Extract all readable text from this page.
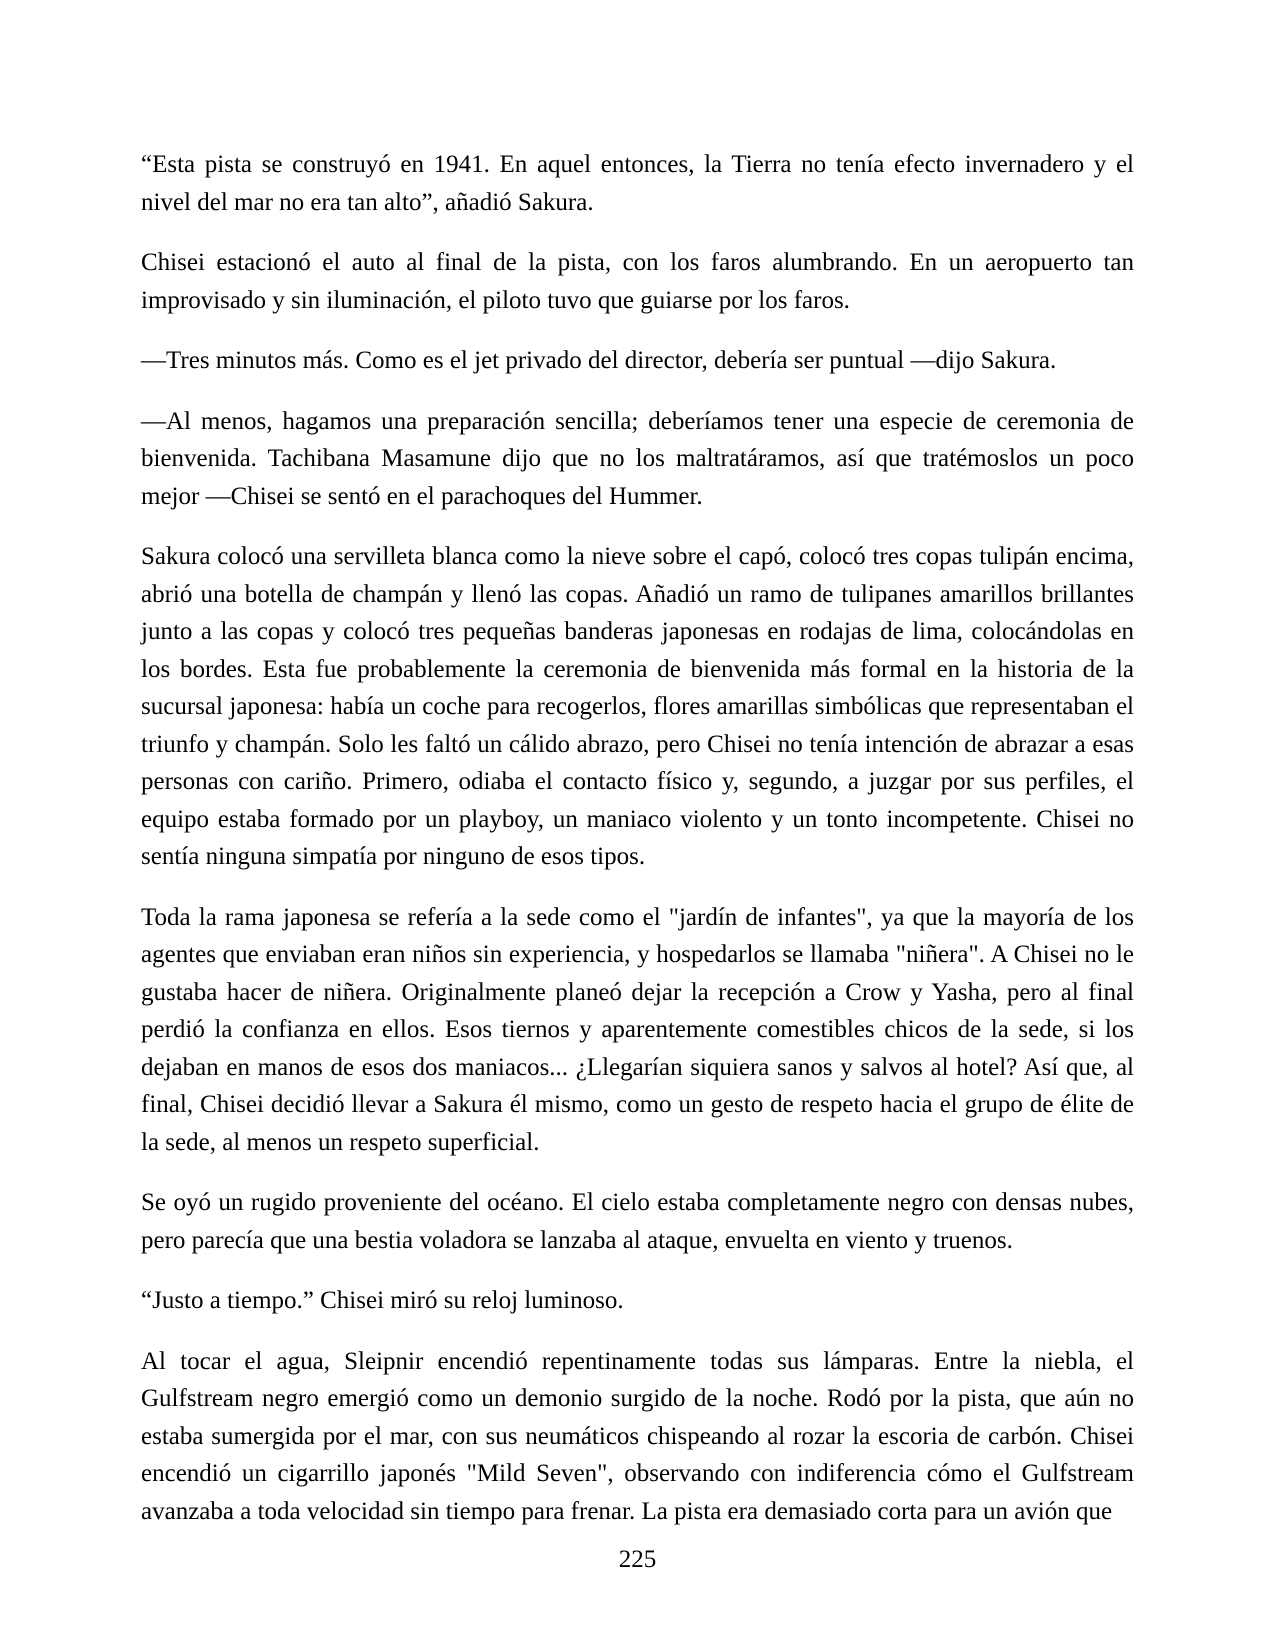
“Esta pista se construyó en 1941. En aquel entonces, la Tierra no tenía efecto invernadero y el nivel del mar no era tan alto”, añadió Sakura.

Chisei estacionó el auto al final de la pista, con los faros alumbrando. En un aeropuerto tan improvisado y sin iluminación, el piloto tuvo que guiarse por los faros.

—Tres minutos más. Como es el jet privado del director, debería ser puntual —dijo Sakura.

—Al menos, hagamos una preparación sencilla; deberíamos tener una especie de ceremonia de bienvenida. Tachibana Masamune dijo que no los maltratáramos, así que tratémoslos un poco mejor —Chisei se sentó en el parachoques del Hummer.

Sakura colocó una servilleta blanca como la nieve sobre el capó, colocó tres copas tulipán encima, abrió una botella de champán y llenó las copas. Añadió un ramo de tulipanes amarillos brillantes junto a las copas y colocó tres pequeñas banderas japonesas en rodajas de lima, colocándolas en los bordes. Esta fue probablemente la ceremonia de bienvenida más formal en la historia de la sucursal japonesa: había un coche para recogerlos, flores amarillas simbólicas que representaban el triunfo y champán. Solo les faltó un cálido abrazo, pero Chisei no tenía intención de abrazar a esas personas con cariño. Primero, odiaba el contacto físico y, segundo, a juzgar por sus perfiles, el equipo estaba formado por un playboy, un maniaco violento y un tonto incompetente. Chisei no sentía ninguna simpatía por ninguno de esos tipos.

Toda la rama japonesa se refería a la sede como el "jardín de infantes", ya que la mayoría de los agentes que enviaban eran niños sin experiencia, y hospedarlos se llamaba "niñera". A Chisei no le gustaba hacer de niñera. Originalmente planeó dejar la recepción a Crow y Yasha, pero al final perdió la confianza en ellos. Esos tiernos y aparentemente comestibles chicos de la sede, si los dejaban en manos de esos dos maniacos... ¿Llegarían siquiera sanos y salvos al hotel? Así que, al final, Chisei decidió llevar a Sakura él mismo, como un gesto de respeto hacia el grupo de élite de la sede, al menos un respeto superficial.

Se oyó un rugido proveniente del océano. El cielo estaba completamente negro con densas nubes, pero parecía que una bestia voladora se lanzaba al ataque, envuelta en viento y truenos.

“Justo a tiempo.” Chisei miró su reloj luminoso.

Al tocar el agua, Sleipnir encendió repentinamente todas sus lámparas. Entre la niebla, el Gulfstream negro emergió como un demonio surgido de la noche. Rodó por la pista, que aún no estaba sumergida por el mar, con sus neumáticos chispeando al rozar la escoria de carbón. Chisei encendió un cigarrillo japonés "Mild Seven", observando con indiferencia cómo el Gulfstream avanzaba a toda velocidad sin tiempo para frenar. La pista era demasiado corta para un avión que

225
